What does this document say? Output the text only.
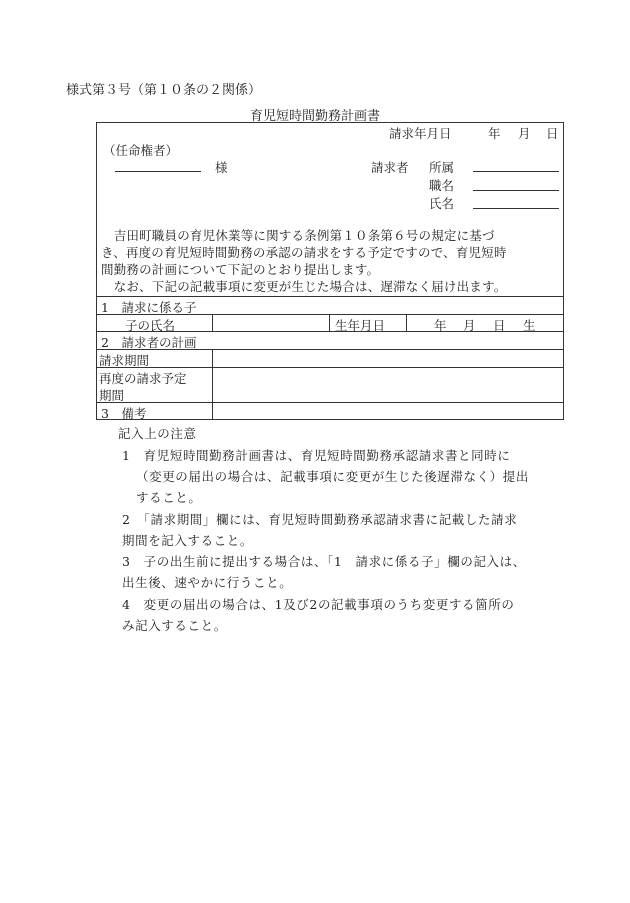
様式第３号（第１０条の２関係）
育児短時間勤務計画書
請求年月日	年 月 日
（任命権者）
様	請求者 所属
職名
氏名
　吉田町職員の育児休業等に関する条例第１０条第６号の規定に基づ
き、再度の育児短時間勤務の承認の請求をする予定ですので、育児短時
間勤務の計画について下記のとおり提出します。
　なお、下記の記載事項に変更が生じた場合は、遅滞なく届け出ます。
1　請求に係る子
子の氏名	生年月日	年 月 日 生
2　請求者の計画
請求期間
再度の請求予定
期間
3　備考
記入上の注意
1　育児短時間勤務計画書は、育児短時間勤務承認請求書と同時に
（変更の届出の場合は、記載事項に変更が生じた後遅滞なく）提出
すること。
2　「請求期間」欄には、育児短時間勤務承認請求書に記載した請求
期間を記入すること。
3　子の出生前に提出する場合は、「1　請求に係る子」欄の記入は、
出生後、速やかに行うこと。
4　変更の届出の場合は、1及び2の記載事項のうち変更する箇所の
み記入すること。
